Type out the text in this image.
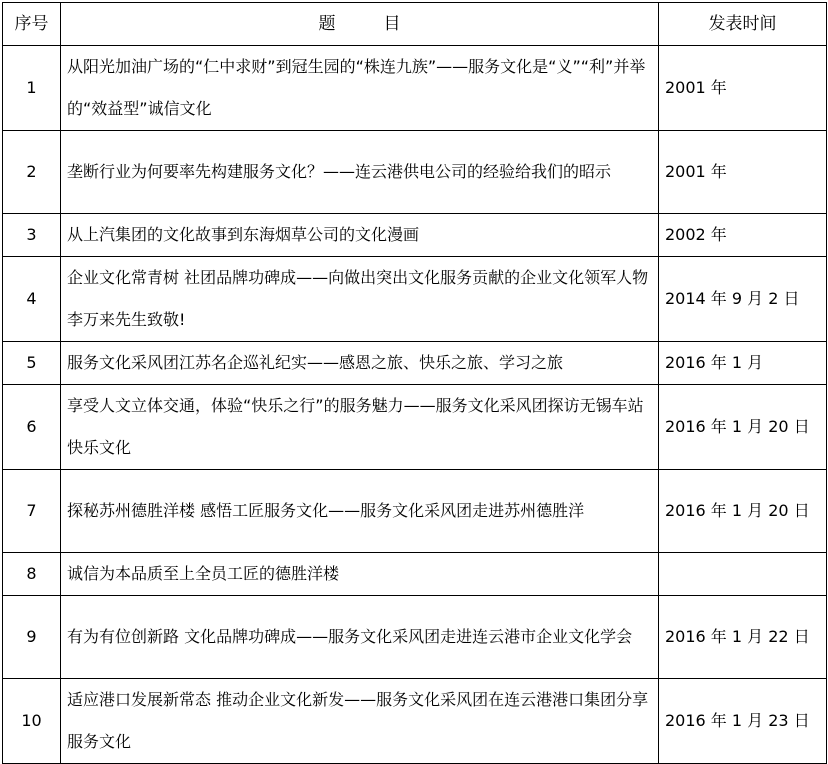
序号	题 目	发表时间
1	从阳光加油广场的“仁中求财”到冠生园的“株连九族”——服务文化是“义”“利”并举的“效益型”诚信文化	2001 年
2	垄断行业为何要率先构建服务文化？——连云港供电公司的经验给我们的昭示	2001 年
3	从上汽集团的文化故事到东海烟草公司的文化漫画	2002 年
4	企业文化常青树 社团品牌功碑成——向做出突出文化服务贡献的企业文化领军人物李万来先生致敬!	2014 年 9 月 2 日
5	服务文化采风团江苏名企巡礼纪实——感恩之旅、快乐之旅、学习之旅	2016 年 1 月
6	享受人文立体交通，体验“快乐之行”的服务魅力——服务文化采风团探访无锡车站快乐文化	2016 年 1 月 20 日
7	探秘苏州德胜洋楼 感悟工匠服务文化——服务文化采风团走进苏州德胜洋	2016 年 1 月 20 日
8	诚信为本品质至上全员工匠的德胜洋楼	
9	有为有位创新路 文化品牌功碑成——服务文化采风团走进连云港市企业文化学会	2016 年 1 月 22 日
10	适应港口发展新常态 推动企业文化新发——服务文化采风团在连云港港口集团分享服务文化	2016 年 1 月 23 日
